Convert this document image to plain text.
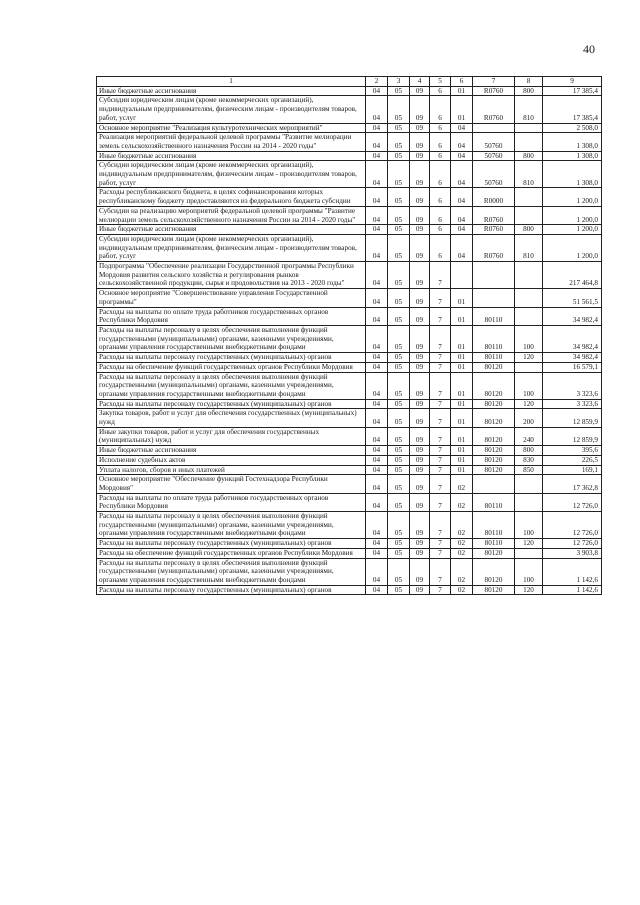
40
1	2	3	4	5	6	7	8	9
Иные бюджетные ассигнования	04	05	09	6	01	R0760	800	17 385,4
Субсидии юридическим лицам (кроме некоммерческих организаций), индивидуальным предпринимателям, физическим лицам - производителям товаров, работ, услуг	04	05	09	6	01	R0760	810	17 385,4
Основное мероприятие "Реализация культуротехнических мероприятий"	04	05	09	6	04			2 508,0
Реализация мероприятий федеральной целевой программы "Развитие мелиорации земель сельскохозяйственного назначения России на 2014 - 2020 годы"	04	05	09	6	04	50760		1 308,0
Иные бюджетные ассигнования	04	05	09	6	04	50760	800	1 308,0
Субсидии юридическим лицам (кроме некоммерческих организаций), индивидуальным предпринимателям, физическим лицам - производителям товаров, работ, услуг	04	05	09	6	04	50760	810	1 308,0
Расходы республиканского бюджета, в целях софинансирования которых республиканскому бюджету предоставляются из федерального бюджета субсидии	04	05	09	6	04	R0000		1 200,0
Субсидии на реализацию мероприятий федеральной целевой программы "Развитие мелиорации земель сельскохозяйственного назначения России на 2014 - 2020 годы"	04	05	09	6	04	R0760		1 200,0
Иные бюджетные ассигнования	04	05	09	6	04	R0760	800	1 200,0
Субсидии юридическим лицам (кроме некоммерческих организаций), индивидуальным предпринимателям, физическим лицам - производителям товаров, работ, услуг	04	05	09	6	04	R0760	810	1 200,0
Подпрограмма "Обеспечение реализации Государственной программы Республики Мордовия развития сельского хозяйства и регулирования рынков сельскохозяйственной продукции, сырья и продовольствия на 2013 - 2020 годы"	04	05	09	7				217 464,8
Основное мероприятие "Совершенствование управления Государственной программы"	04	05	09	7	01			51 561,5
Расходы на выплаты по оплате труда работников государственных органов Республики Мордовия	04	05	09	7	01	80110		34 982,4
Расходы на выплаты персоналу в целях обеспечения выполнения функций государственными (муниципальными) органами, казенными учреждениями, органами управления государственными внебюджетными фондами	04	05	09	7	01	80110	100	34 982,4
Расходы на выплаты персоналу государственных (муниципальных) органов	04	05	09	7	01	80110	120	34 982,4
Расходы на обеспечение функций государственных органов Республики Мордовия	04	05	09	7	01	80120		16 579,1
Расходы на выплаты персоналу в целях обеспечения выполнения функций государственными (муниципальными) органами, казенными учреждениями, органами управления государственными внебюджетными фондами	04	05	09	7	01	80120	100	3 323,6
Расходы на выплаты персоналу государственных (муниципальных) органов	04	05	09	7	01	80120	120	3 323,6
Закупка товаров, работ и услуг для обеспечения государственных (муниципальных) нужд	04	05	09	7	01	80120	200	12 859,9
Иные закупки товаров, работ и услуг для обеспечения государственных (муниципальных) нужд	04	05	09	7	01	80120	240	12 859,9
Иные бюджетные ассигнования	04	05	09	7	01	80120	800	395,6
Исполнение судебных актов	04	05	09	7	01	80120	830	226,5
Уплата налогов, сборов и иных платежей	04	05	09	7	01	80120	850	169,1
Основное мероприятие "Обеспечение функций Гостехнадзора Республики Мордовия"	04	05	09	7	02			17 362,8
Расходы на выплаты по оплате труда работников государственных органов Республики Мордовия	04	05	09	7	02	80110		12 726,0
Расходы на выплаты персоналу в целях обеспечения выполнения функций государственными (муниципальными) органами, казенными учреждениями, органами управления государственными внебюджетными фондами	04	05	09	7	02	80110	100	12 726,0
Расходы на выплаты персоналу государственных (муниципальных) органов	04	05	09	7	02	80110	120	12 726,0
Расходы на обеспечение функций государственных органов Республики Мордовия	04	05	09	7	02	80120		3 903,8
Расходы на выплаты персоналу в целях обеспечения выполнения функций государственными (муниципальными) органами, казенными учреждениями, органами управления государственными внебюджетными фондами	04	05	09	7	02	80120	100	1 142,6
Расходы на выплаты персоналу государственных (муниципальных) органов	04	05	09	7	02	80120	120	1 142,6
